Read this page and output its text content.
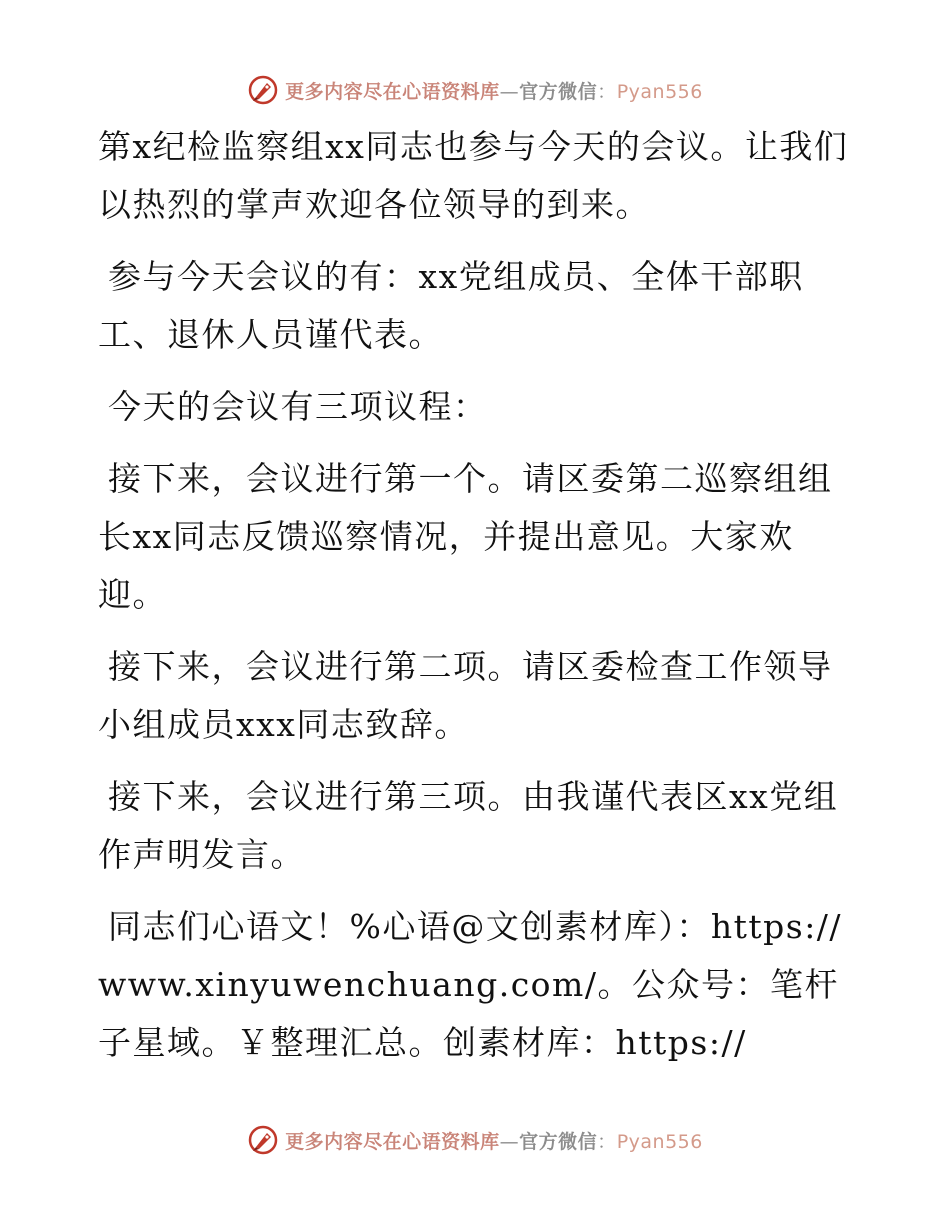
更多内容尽在心语资料库—官方微信：Pyan556

第x纪检监察组xx同志也参与今天的会议。让我们以热烈的掌声欢迎各位领导的到来。

参与今天会议的有：xx党组成员、全体干部职工、退休人员谨代表。

今天的会议有三项议程：

接下来，会议进行第一个。请区委第二巡察组组长xx同志反馈巡察情况，并提出意见。大家欢迎。

接下来，会议进行第二项。请区委检查工作领导小组成员xxx同志致辞。

接下来，会议进行第三项。由我谨代表区xx党组作声明发言。

同志们心语文！%心语@文创素材库）：https://www.xinyuwenchuang.com/。公众号：笔杆子星域。￥整理汇总。创素材库：https://

更多内容尽在心语资料库—官方微信：Pyan556
